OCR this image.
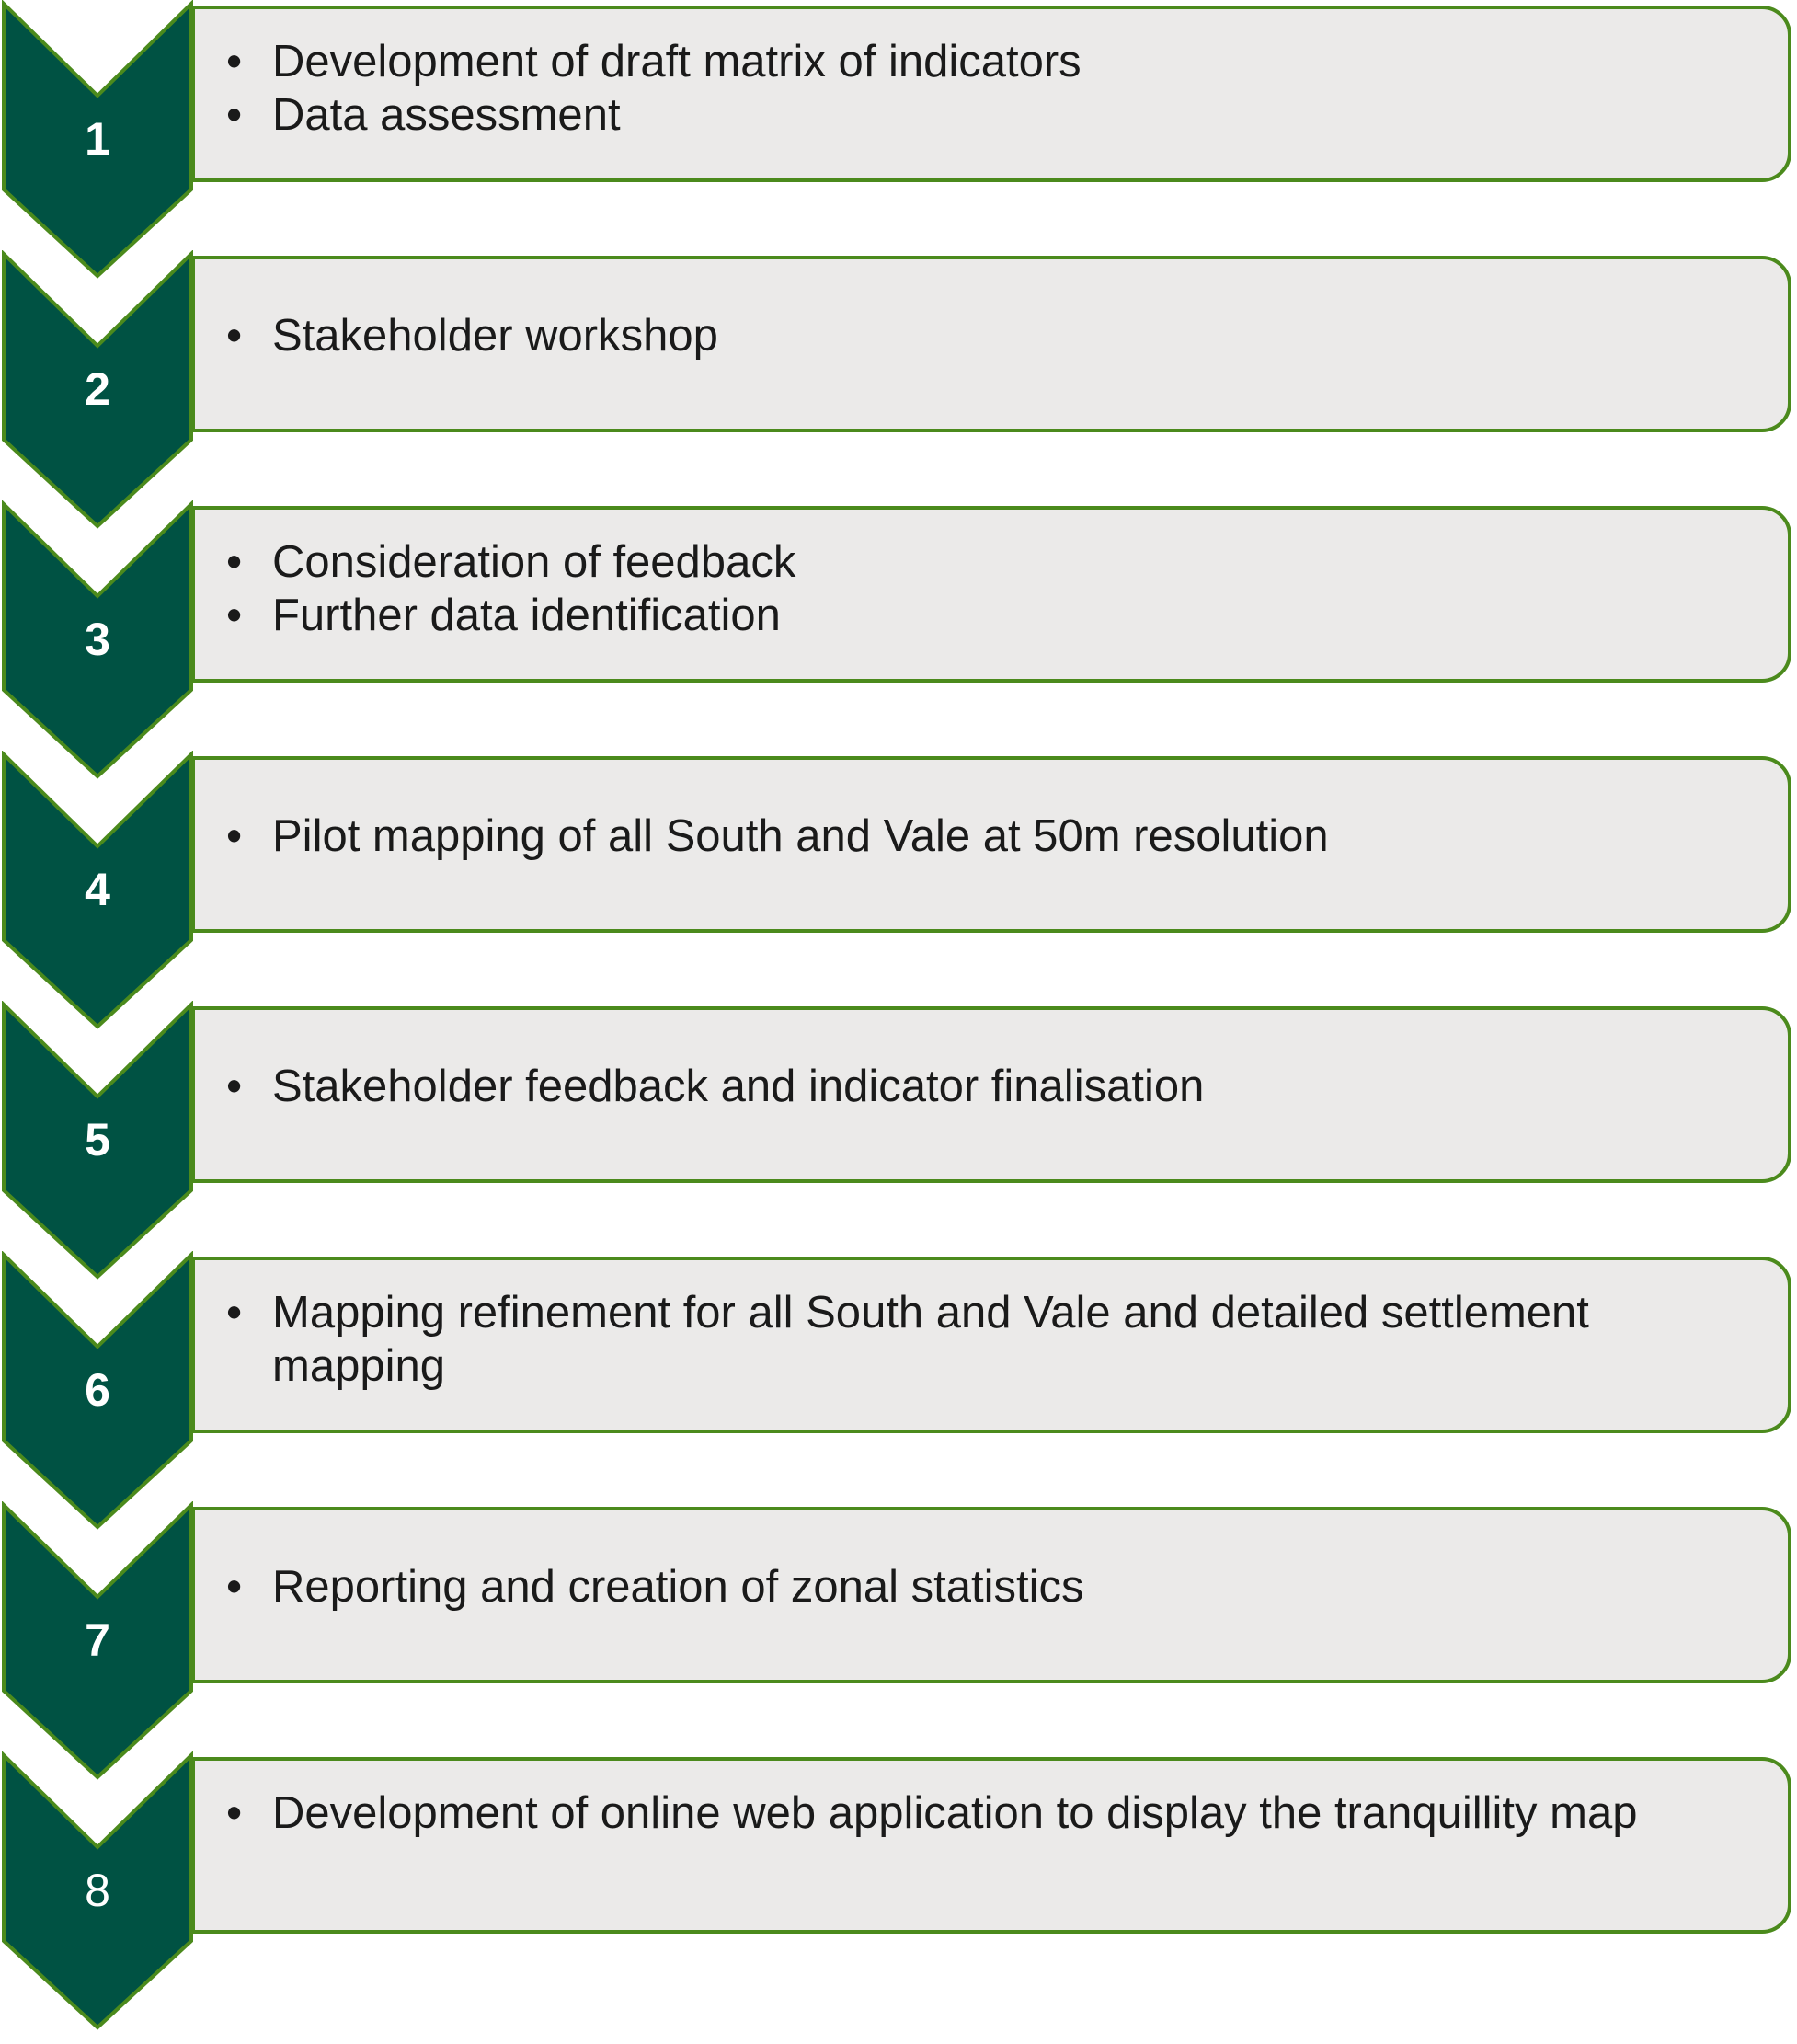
• Development of draft matrix of indicators
• Data assessment
1
• Stakeholder workshop
2
• Consideration of feedback
• Further data identification
3
• Pilot mapping of all South and Vale at 50m resolution
4
• Stakeholder feedback and indicator finalisation
5
• Mapping refinement for all South and Vale and detailed settlement mapping
6
• Reporting and creation of zonal statistics
7
• Development of online web application to display the tranquillity map
8
